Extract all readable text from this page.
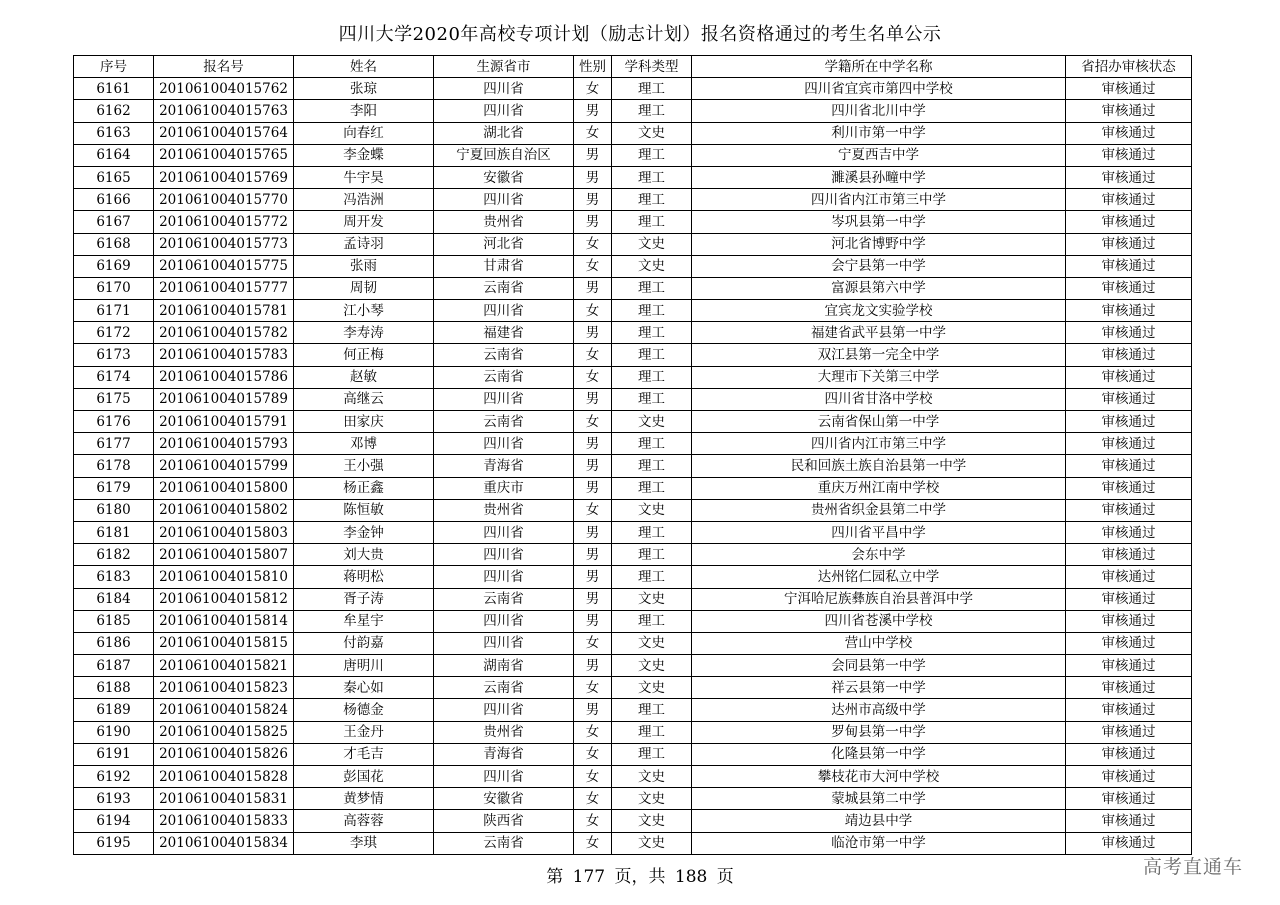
四川大学2020年高校专项计划（励志计划）报名资格通过的考生名单公示
序号	报名号	姓名	生源省市	性别	学科类型	学籍所在中学名称	省招办审核状态
6161	201061004015762	张琼	四川省	女	理工	四川省宜宾市第四中学校	审核通过
6162	201061004015763	李阳	四川省	男	理工	四川省北川中学	审核通过
6163	201061004015764	向春红	湖北省	女	文史	利川市第一中学	审核通过
6164	201061004015765	李金蝶	宁夏回族自治区	男	理工	宁夏西吉中学	审核通过
6165	201061004015769	牛宇昊	安徽省	男	理工	濉溪县孙疃中学	审核通过
6166	201061004015770	冯浩洲	四川省	男	理工	四川省内江市第三中学	审核通过
6167	201061004015772	周开发	贵州省	男	理工	岑巩县第一中学	审核通过
6168	201061004015773	孟诗羽	河北省	女	文史	河北省博野中学	审核通过
6169	201061004015775	张雨	甘肃省	女	文史	会宁县第一中学	审核通过
6170	201061004015777	周韧	云南省	男	理工	富源县第六中学	审核通过
6171	201061004015781	江小琴	四川省	女	理工	宜宾龙文实验学校	审核通过
6172	201061004015782	李寿涛	福建省	男	理工	福建省武平县第一中学	审核通过
6173	201061004015783	何正梅	云南省	女	理工	双江县第一完全中学	审核通过
6174	201061004015786	赵敏	云南省	女	理工	大理市下关第三中学	审核通过
6175	201061004015789	高继云	四川省	男	理工	四川省甘洛中学校	审核通过
6176	201061004015791	田家庆	云南省	女	文史	云南省保山第一中学	审核通过
6177	201061004015793	邓博	四川省	男	理工	四川省内江市第三中学	审核通过
6178	201061004015799	王小强	青海省	男	理工	民和回族土族自治县第一中学	审核通过
6179	201061004015800	杨正鑫	重庆市	男	理工	重庆万州江南中学校	审核通过
6180	201061004015802	陈恒敏	贵州省	女	文史	贵州省织金县第二中学	审核通过
6181	201061004015803	李金钟	四川省	男	理工	四川省平昌中学	审核通过
6182	201061004015807	刘大贵	四川省	男	理工	会东中学	审核通过
6183	201061004015810	蒋明松	四川省	男	理工	达州铭仁园私立中学	审核通过
6184	201061004015812	胥子涛	云南省	男	文史	宁洱哈尼族彝族自治县普洱中学	审核通过
6185	201061004015814	牟星宇	四川省	男	理工	四川省苍溪中学校	审核通过
6186	201061004015815	付韵嘉	四川省	女	文史	营山中学校	审核通过
6187	201061004015821	唐明川	湖南省	男	文史	会同县第一中学	审核通过
6188	201061004015823	秦心如	云南省	女	文史	祥云县第一中学	审核通过
6189	201061004015824	杨德金	四川省	男	理工	达州市高级中学	审核通过
6190	201061004015825	王金丹	贵州省	女	理工	罗甸县第一中学	审核通过
6191	201061004015826	才毛吉	青海省	女	理工	化隆县第一中学	审核通过
6192	201061004015828	彭国花	四川省	女	文史	攀枝花市大河中学校	审核通过
6193	201061004015831	黄梦情	安徽省	女	文史	蒙城县第二中学	审核通过
6194	201061004015833	高蓉蓉	陕西省	女	文史	靖边县中学	审核通过
6195	201061004015834	李琪	云南省	女	文史	临沧市第一中学	审核通过
第 177 页，共 188 页	高考直通车
